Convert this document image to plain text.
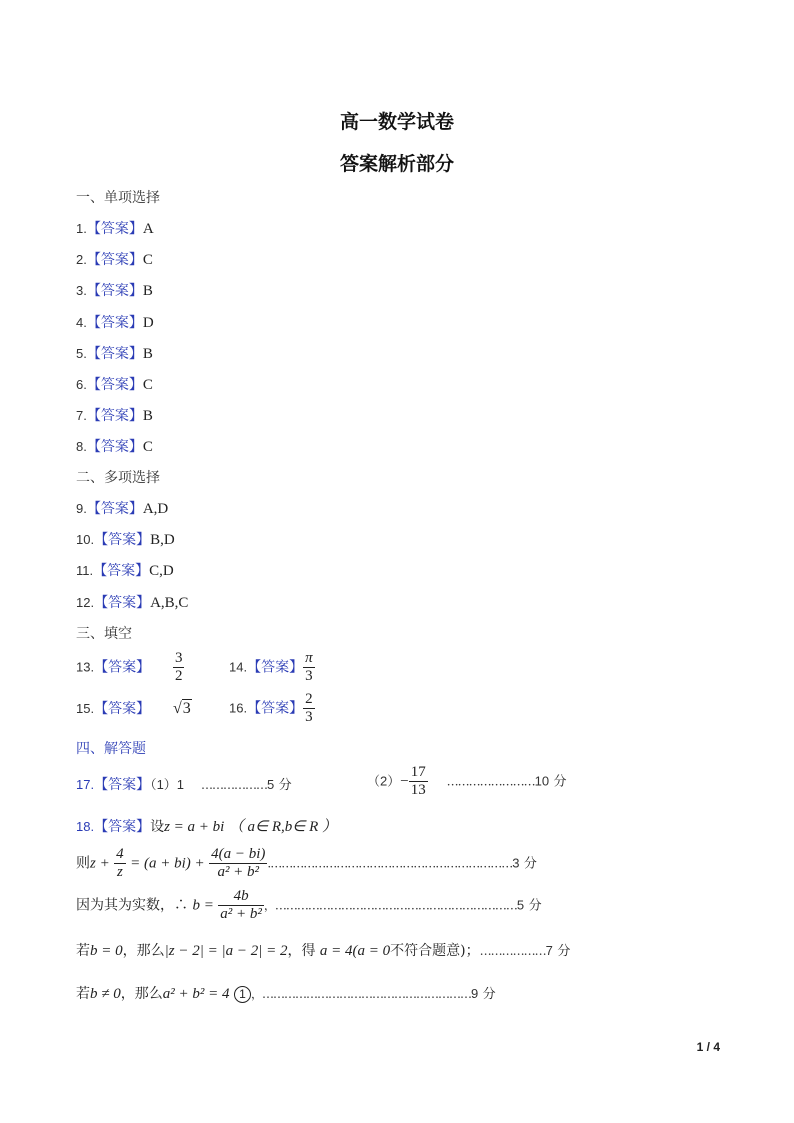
高一数学试卷
答案解析部分
一、单项选择
1.【答案】A
2.【答案】C
3.【答案】B
4.【答案】D
5.【答案】B
6.【答案】C
7.【答案】B
8.【答案】C
二、多项选择
9.【答案】A,D
10.【答案】B,D
11.【答案】C,D
12.【答案】A,B,C
三、填空
13.【答案】 $\frac{3}{2}$	14.【答案】 $\frac{\pi}{3}$
15.【答案】 √3	16.【答案】 $\frac{2}{3}$
四、解答题
17.【答案】（1）1 ………………5 分	$(2)- \frac{17}{13}$ ……………………10 分
18.【答案】设z = a + bi （ a∈ R,b∈ R ）
则$z + \frac{4}{z} = (a + bi) + \frac{4(a - bi)}{\text{a² + b²}}$ .…………………………………………………………3 分
因为其为实数，∴ $b = \frac{4b}{\text{a² + b²}}$ ，…………………………………………………………5 分
若b = 0，那么|z − 2| = |a − 2| = 2，得 a = 4(a = 0不符合题意)；………………7 分
若b ≠ 0，那么a² + b² = 4 1 ，…………………………………………………9 分
1 / 4
